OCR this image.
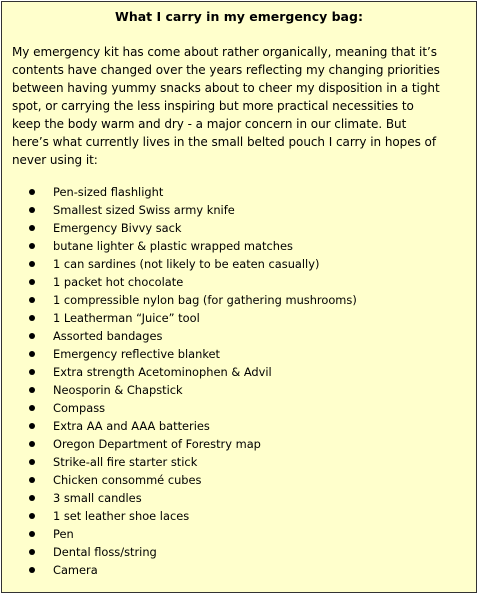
What I carry in my emergency bag:
My emergency kit has come about rather organically, meaning that it’s
contents have changed over the years reflecting my changing priorities
between having yummy snacks about to cheer my disposition in a tight
spot, or carrying the less inspiring but more practical necessities to
keep the body warm and dry - a major concern in our climate. But
here’s what currently lives in the small belted pouch I carry in hopes of
never using it:
Pen-sized flashlight
Smallest sized Swiss army knife
Emergency Bivvy sack
butane lighter & plastic wrapped matches
1 can sardines (not likely to be eaten casually)
1 packet hot chocolate
1 compressible nylon bag (for gathering mushrooms)
1 Leatherman “Juice” tool
Assorted bandages
Emergency reflective blanket
Extra strength Acetominophen & Advil
Neosporin & Chapstick
Compass
Extra AA and AAA batteries
Oregon Department of Forestry map
Strike-all fire starter stick
Chicken consommé cubes
3 small candles
1 set leather shoe laces
Pen
Dental floss/string
Camera
